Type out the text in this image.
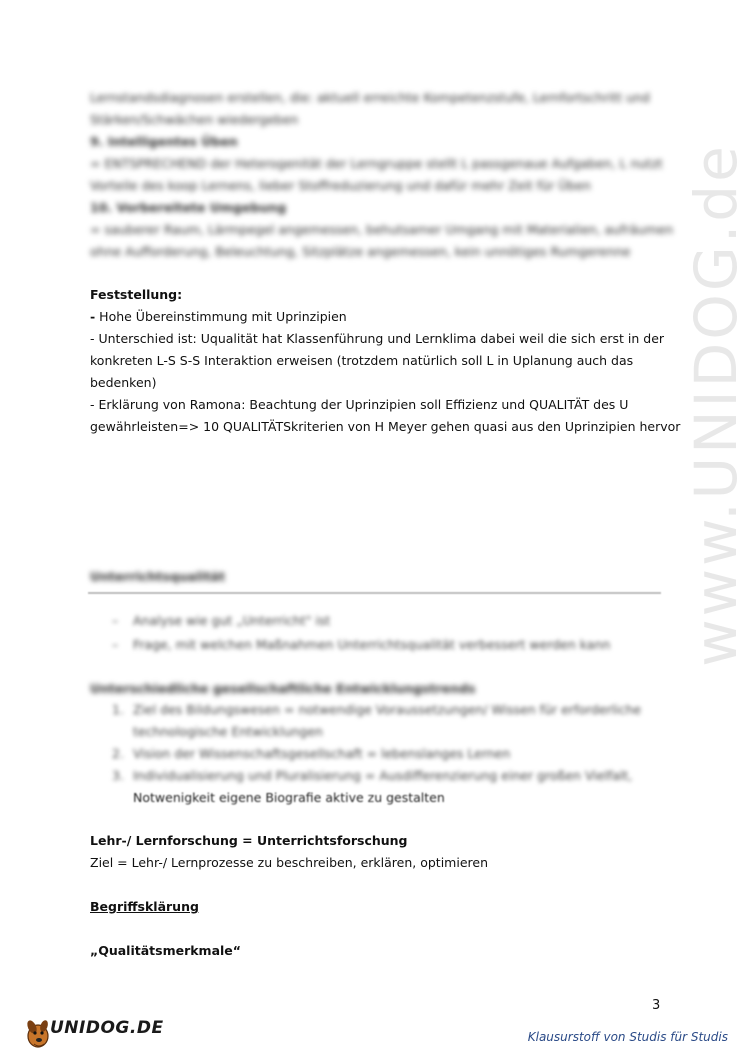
www.UNIDOG.de
Lernstandsdiagnosen erstellen, die: aktuell erreichte Kompetenzstufe, Lernfortschritt und
Stärken/Schwächen wiedergeben
9. Intelligentes Üben
= ENTSPRECHEND der Heterogenität der Lerngruppe stellt L passgenaue Aufgaben, L nutzt
Vorteile des koop Lernens, lieber Stoffreduzierung und dafür mehr Zeit für Üben
10. Vorbereitete Umgebung
= sauberer Raum, Lärmpegel angemessen, behutsamer Umgang mit Materialien, aufräumen
ohne Aufforderung, Beleuchtung, Sitzplätze angemessen, kein unnötiges Rumgerenne
Feststellung:
- Hohe Übereinstimmung mit Uprinzipien
- Unterschied ist: Uqualität hat Klassenführung und Lernklima dabei weil die sich erst in der
konkreten L-S S-S Interaktion erweisen (trotzdem natürlich soll L in Uplanung auch das
bedenken)
- Erklärung von Ramona: Beachtung der Uprinzipien soll Effizienz und QUALITÄT des U
gewährleisten=> 10 QUALITÄTSkriterien von H Meyer gehen quasi aus den Uprinzipien hervor
Unterrichtsqualität
– Analyse wie gut „Unterricht" ist
– Frage, mit welchen Maßnahmen Unterrichtsqualität verbessert werden kann
Unterschiedliche gesellschaftliche Entwicklungstrends
1. Ziel des Bildungswesen = notwendige Voraussetzungen/ Wissen für erforderliche
technologische Entwicklungen
2. Vision der Wissenschaftsgesellschaft = lebenslanges Lernen
3. Individualisierung und Pluralisierung = Ausdifferenzierung einer großen Vielfalt,
Notwenigkeit eigene Biografie aktive zu gestalten
Lehr-/ Lernforschung = Unterrichtsforschung
Ziel = Lehr-/ Lernprozesse zu beschreiben, erklären, optimieren
Begriffsklärung
„Qualitätsmerkmale“
3
UNIDOG.DE	Klausurstoff von Studis für Studis
